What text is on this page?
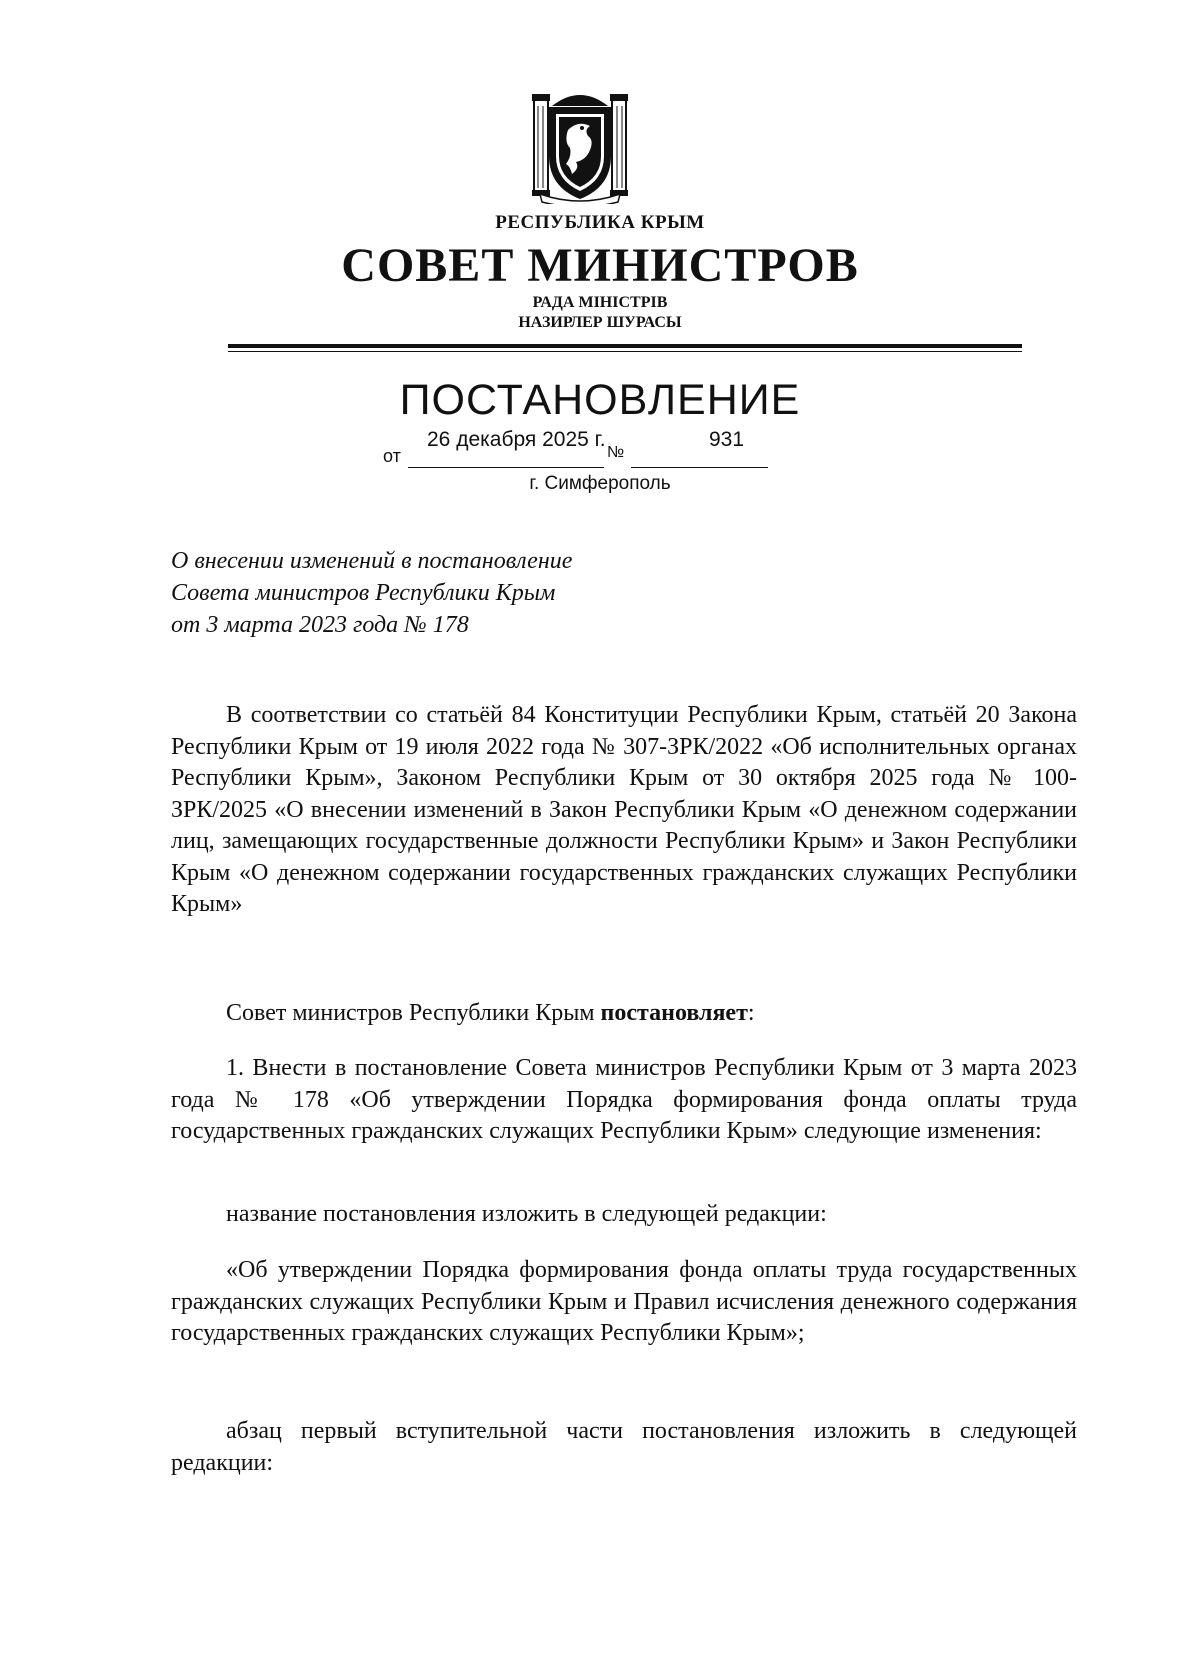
РЕСПУБЛИКА КРЫМ
СОВЕТ МИНИСТРОВ
РАДА МІНІСТРІВ
НАЗИРЛЕР ШУРАСЫ
ПОСТАНОВЛЕНИЕ
от	№
26 декабря 2025 г.	931
г. Симферополь
О внесении изменений в постановление
Совета министров Республики Крым
от 3 марта 2023 года № 178

В соответствии со статьёй 84 Конституции Республики Крым, статьёй 20 Закона Республики Крым от 19 июля 2022 года № 307-ЗРК/2022 «Об исполнительных органах Республики Крым», Законом Республики Крым от 30 октября 2025 года № 100-ЗРК/2025 «О внесении изменений в Закон Республики Крым «О денежном содержании лиц, замещающих государственные должности Республики Крым» и Закон Республики Крым «О денежном содержании государственных гражданских служащих Республики Крым»

Совет министров Республики Крым постановляет:

1. Внести в постановление Совета министров Республики Крым от 3 марта 2023 года № 178 «Об утверждении Порядка формирования фонда оплаты труда государственных гражданских служащих Республики Крым» следующие изменения:

название постановления изложить в следующей редакции:

«Об утверждении Порядка формирования фонда оплаты труда государственных гражданских служащих Республики Крым и Правил исчисления денежного содержания государственных гражданских служащих Республики Крым»;

абзац первый вступительной части постановления изложить в следующей редакции:
